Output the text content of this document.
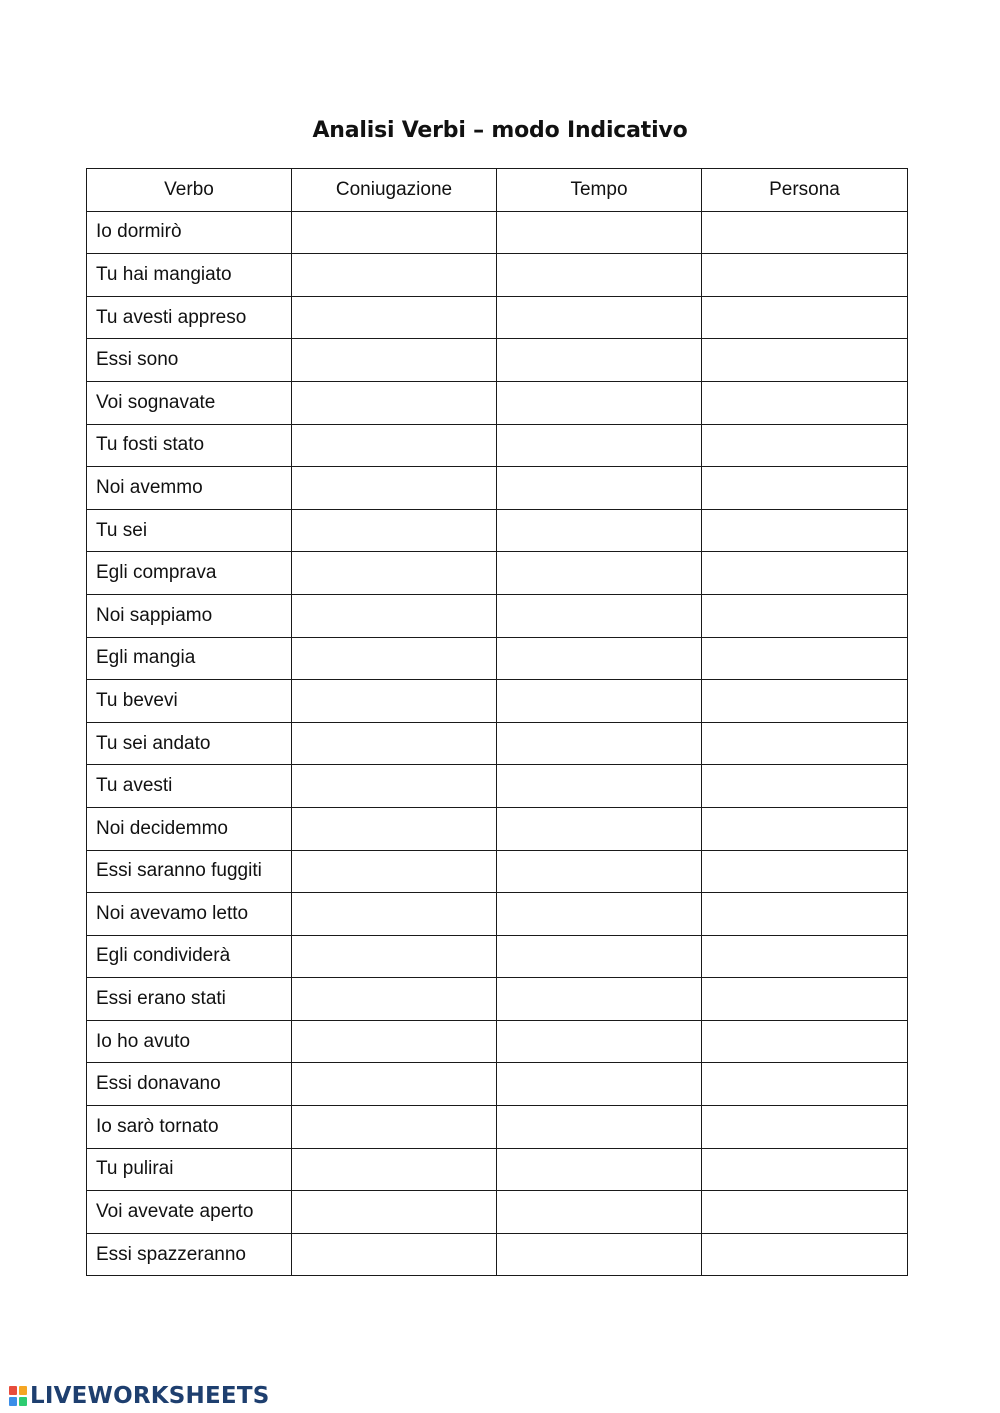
Analisi Verbi – modo Indicativo
Verbo	Coniugazione	Tempo	Persona
Io dormirò			
Tu hai mangiato			
Tu avesti appreso			
Essi sono			
Voi sognavate			
Tu fosti stato			
Noi avemmo			
Tu sei			
Egli comprava			
Noi sappiamo			
Egli mangia			
Tu bevevi			
Tu sei andato			
Tu avesti			
Noi decidemmo			
Essi saranno fuggiti			
Noi avevamo letto			
Egli condividerà			
Essi erano stati			
Io ho avuto			
Essi donavano			
Io sarò tornato			
Tu pulirai			
Voi avevate aperto			
Essi spazzeranno			
LIVEWORKSHEETS
